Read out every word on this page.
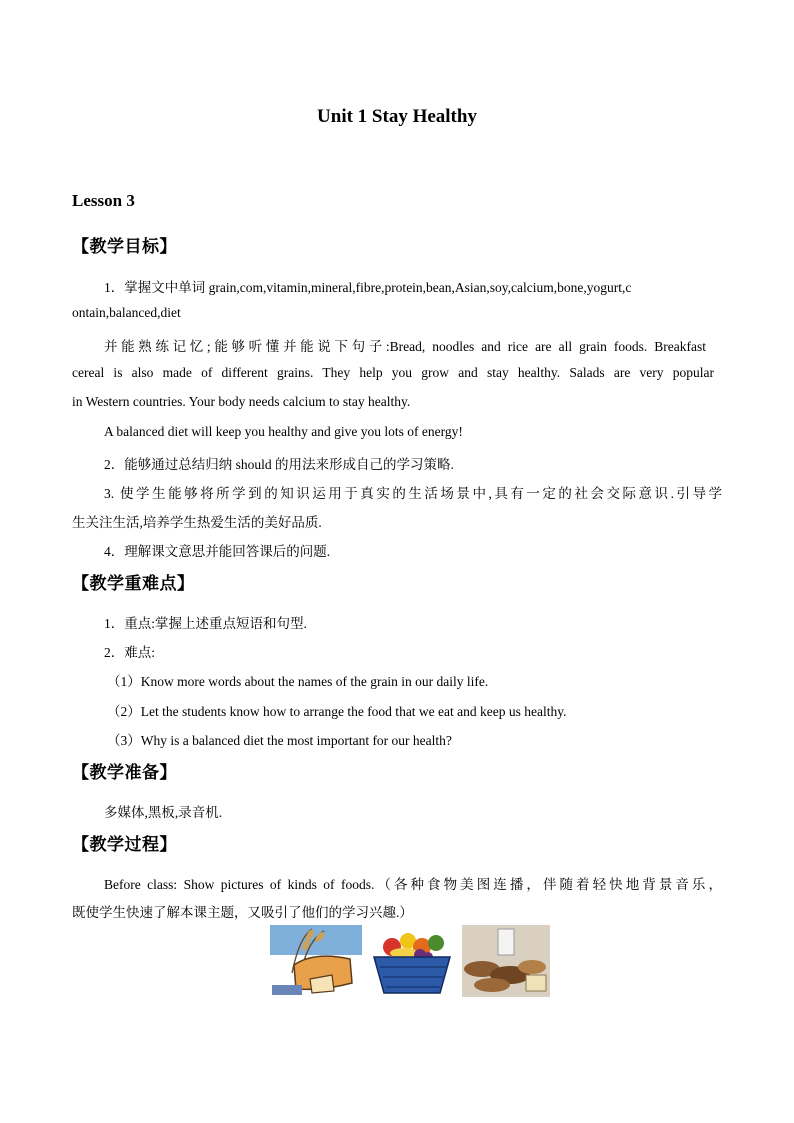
Unit 1 Stay Healthy
Lesson 3
【教学目标】
1．掌握文中单词 grain,com,vitamin,mineral,fibre,protein,bean,Asian,soy,calcium,bone,yogurt,c
ontain,balanced,diet
并能熟练记忆;能够听懂并能说下句子:Bread, noodles and rice are all grain foods. Breakfast
cereal is also made of different grains. They help you grow and stay healthy. Salads are very popular
in Western countries. Your body needs calcium to stay healthy.
A balanced diet will keep you healthy and give you lots of energy!
2．能够通过总结归纳 should 的用法来形成自己的学习策略.
3. 使学生能够将所学到的知识运用于真实的生活场景中,具有一定的社会交际意识.引导学
生关注生活,培养学生热爱生活的美好品质.
4．理解课文意思并能回答课后的问题.
【教学重难点】
1．重点:掌握上述重点短语和句型.
2．难点:
（1）Know more words about the names of the grain in our daily life.
（2）Let the students know how to arrange the food that we eat and keep us healthy.
（3）Why is a balanced diet the most important for our health?
【教学准备】
多媒体,黑板,录音机.
【教学过程】
Before class: Show pictures of kinds of foods.（各种食物美图连播，伴随着轻快地背景音乐，
既使学生快速了解本课主题，又吸引了他们的学习兴趣.）
